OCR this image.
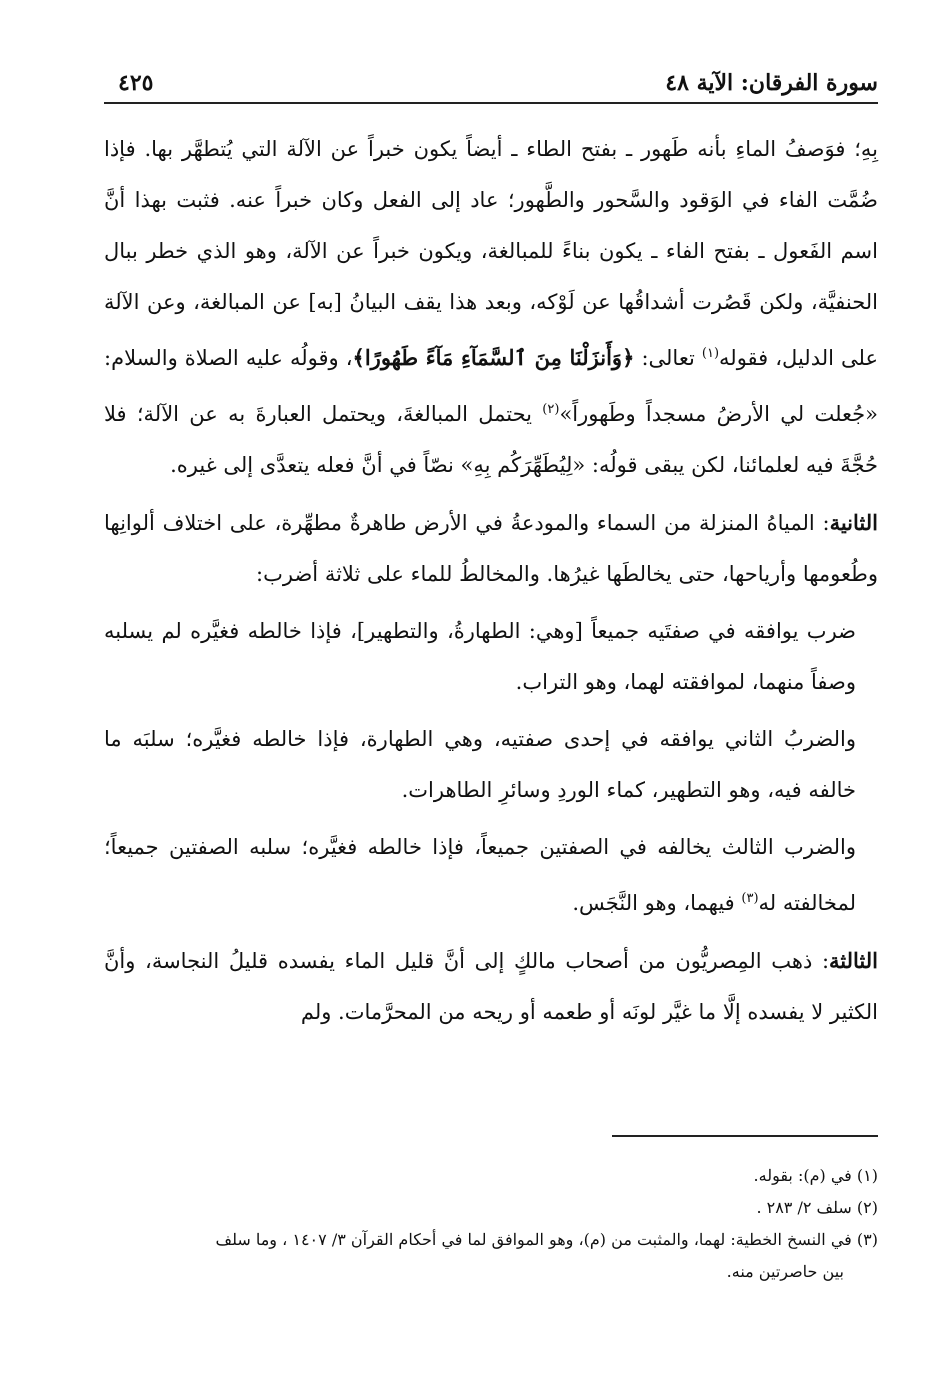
سورة الفرقان: الآية ٤٨
٤٢٥

بِهِ؛ فوَصفُ الماءِ بأنه طَهور ـ بفتح الطاء ـ أيضاً يكون خبراً عن الآلة التي يُتطهَّر بها. فإذا ضُمَّت الفاء في الوَقود والسَّحور والطَّهور؛ عاد إلى الفعل وكان خبراً عنه. فثبت بهذا أنَّ اسم الفَعول ـ بفتح الفاء ـ يكون بناءً للمبالغة، ويكون خبراً عن الآلة، وهو الذي خطر ببال الحنفيَّة، ولكن قَصُرت أشداقُها عن لَوْكه، وبعد هذا يقف البيانُ [به] عن المبالغة، وعن الآلة على الدليل، فقوله$^{(١)}$ تعالى: ﴿وَأَنزَلْنَا مِنَ ٱلسَّمَآءِ مَآءً طَهُورًا﴾، وقولُه عليه الصلاة والسلام: «جُعلت لي الأرضُ مسجداً وطَهوراً»$^{(٢)}$ يحتمل المبالغةَ، ويحتمل العبارةَ به عن الآلة؛ فلا حُجَّةَ فيه لعلمائنا، لكن يبقى قولُه: «لِيُطَهِّرَكُم بِهِ» نصّاً في أنَّ فعله يتعدَّى إلى غيره.

الثانية: المياهُ المنزلة من السماء والمودعةُ في الأرض طاهرةٌ مطهِّرة، على اختلاف ألوانِها وطُعومها وأرياحها، حتى يخالطَها غيرُها. والمخالطُ للماء على ثلاثة أضرب:

ضرب يوافقه في صفتَيه جميعاً [وهي: الطهارةُ، والتطهير]، فإذا خالطه فغيَّره لم يسلبه وصفاً منهما، لموافقته لهما، وهو التراب.

والضربُ الثاني يوافقه في إحدى صفتيه، وهي الطهارة، فإذا خالطه فغيَّره؛ سلبَه ما خالفه فيه، وهو التطهير، كماء الوردِ وسائرِ الطاهرات.

والضرب الثالث يخالفه في الصفتين جميعاً، فإذا خالطه فغيَّره؛ سلبه الصفتين جميعاً؛ لمخالفته له$^{(٣)}$ فيهما، وهو النَّجَس.

الثالثة: ذهب المِصريُّون من أصحاب مالكٍ إلى أنَّ قليل الماء يفسده قليلُ النجاسة، وأنَّ الكثير لا يفسده إلَّا ما غيَّر لونَه أو طعمه أو ريحه من المحرَّمات. ولم

(١) في (م): بقوله.

(٢) سلف ٢/ ٢٨٣ .

(٣) في النسخ الخطية: لهما، والمثبت من (م)، وهو الموافق لما في أحكام القرآن ٣/ ١٤٠٧ ، وما سلف

بين حاصرتين منه.
